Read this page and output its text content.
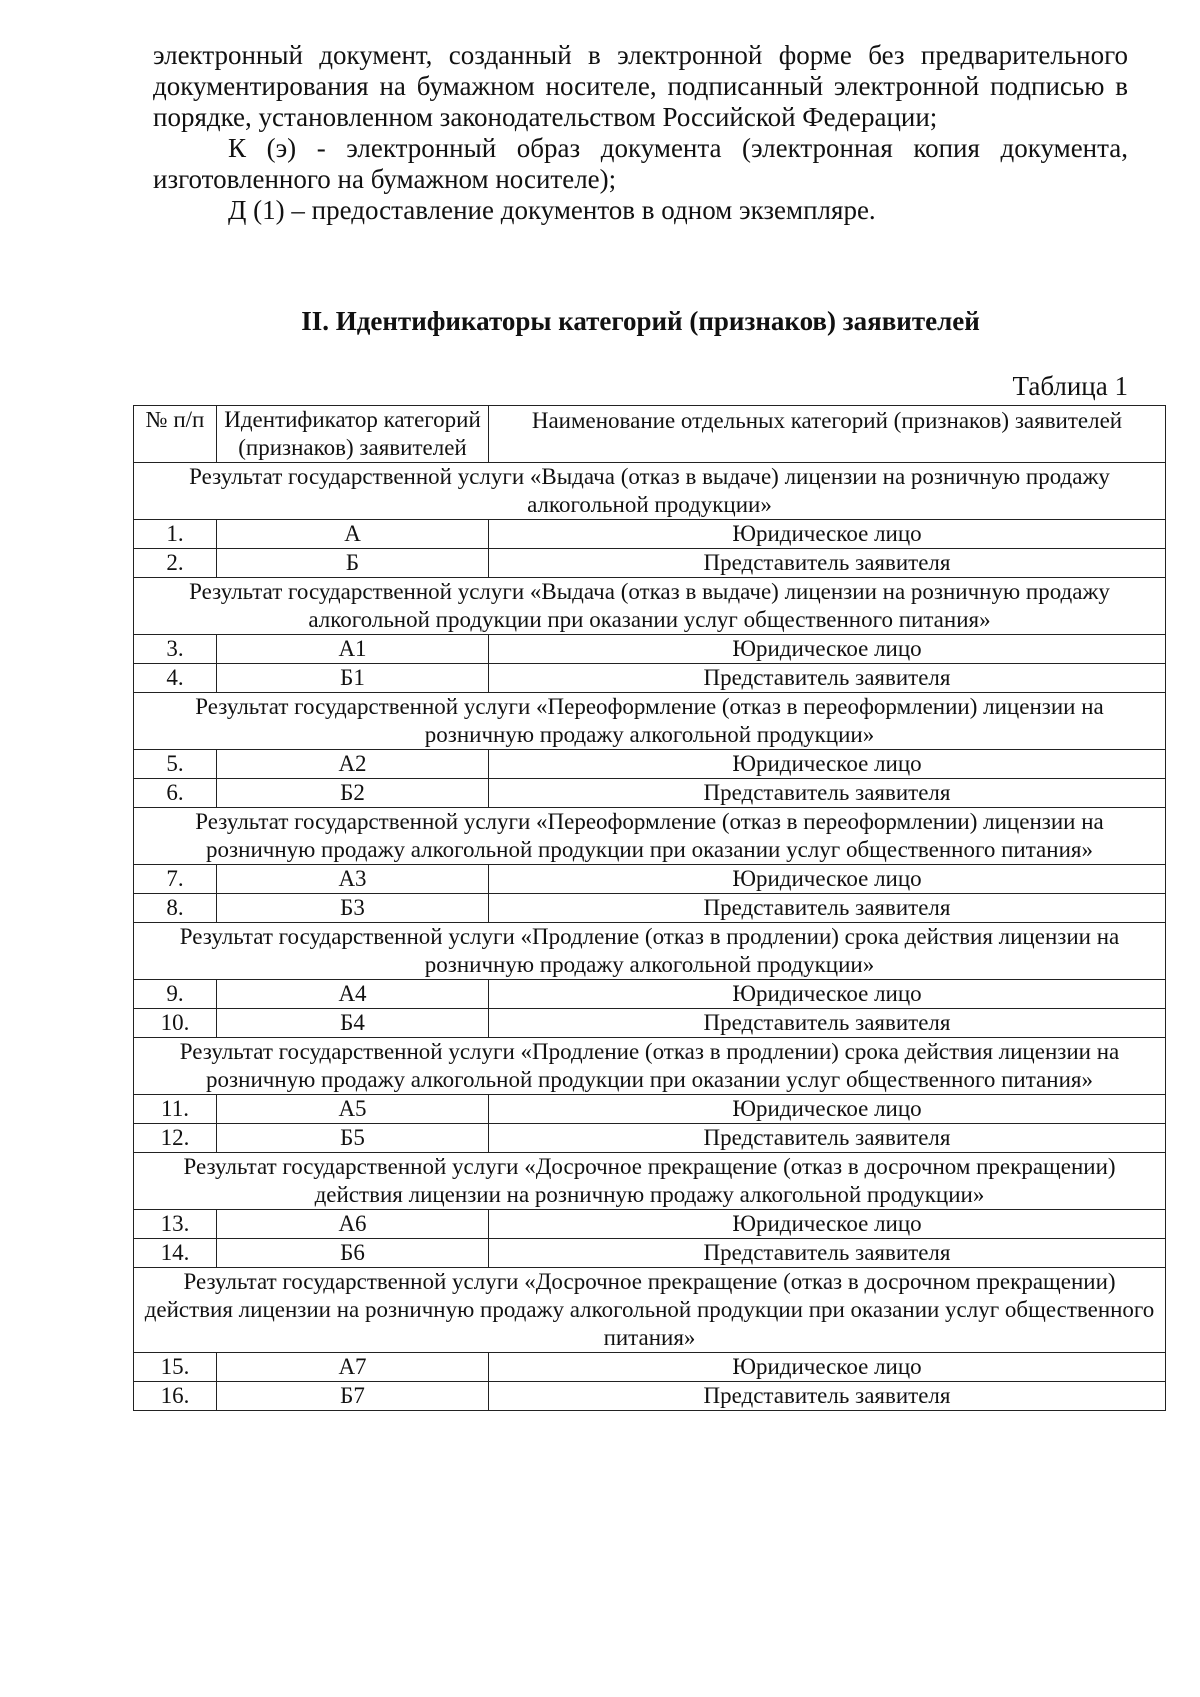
электронный документ, созданный в электронной форме без предварительного документирования на бумажном носителе, подписанный электронной подписью в порядке, установленном законодательством Российской Федерации;

К (э) - электронный образ документа (электронная копия документа, изготовленного на бумажном носителе);

Д (1) – предоставление документов в одном экземпляре.

II. Идентификаторы категорий (признаков) заявителей
Таблица 1
№ п/п	Идентификатор категорий (признаков) заявителей	Наименование отдельных категорий (признаков) заявителей
Результат государственной услуги «Выдача (отказ в выдаче) лицензии на розничную продажу алкогольной продукции»		
1.	А	Юридическое лицо
2.	Б	Представитель заявителя
Результат государственной услуги «Выдача (отказ в выдаче) лицензии на розничную продажу алкогольной продукции при оказании услуг общественного питания»		
3.	А1	Юридическое лицо
4.	Б1	Представитель заявителя
Результат государственной услуги «Переоформление (отказ в переоформлении) лицензии на розничную продажу алкогольной продукции»		
5.	А2	Юридическое лицо
6.	Б2	Представитель заявителя
Результат государственной услуги «Переоформление (отказ в переоформлении) лицензии на розничную продажу алкогольной продукции при оказании услуг общественного питания»		
7.	А3	Юридическое лицо
8.	Б3	Представитель заявителя
Результат государственной услуги «Продление (отказ в продлении) срока действия лицензии на розничную продажу алкогольной продукции»		
9.	А4	Юридическое лицо
10.	Б4	Представитель заявителя
Результат государственной услуги «Продление (отказ в продлении) срока действия лицензии на розничную продажу алкогольной продукции при оказании услуг общественного питания»		
11.	А5	Юридическое лицо
12.	Б5	Представитель заявителя
Результат государственной услуги «Досрочное прекращение (отказ в досрочном прекращении) действия лицензии на розничную продажу алкогольной продукции»		
13.	А6	Юридическое лицо
14.	Б6	Представитель заявителя
Результат государственной услуги «Досрочное прекращение (отказ в досрочном прекращении) действия лицензии на розничную продажу алкогольной продукции при оказании услуг общественного питания»		
15.	А7	Юридическое лицо
16.	Б7	Представитель заявителя
